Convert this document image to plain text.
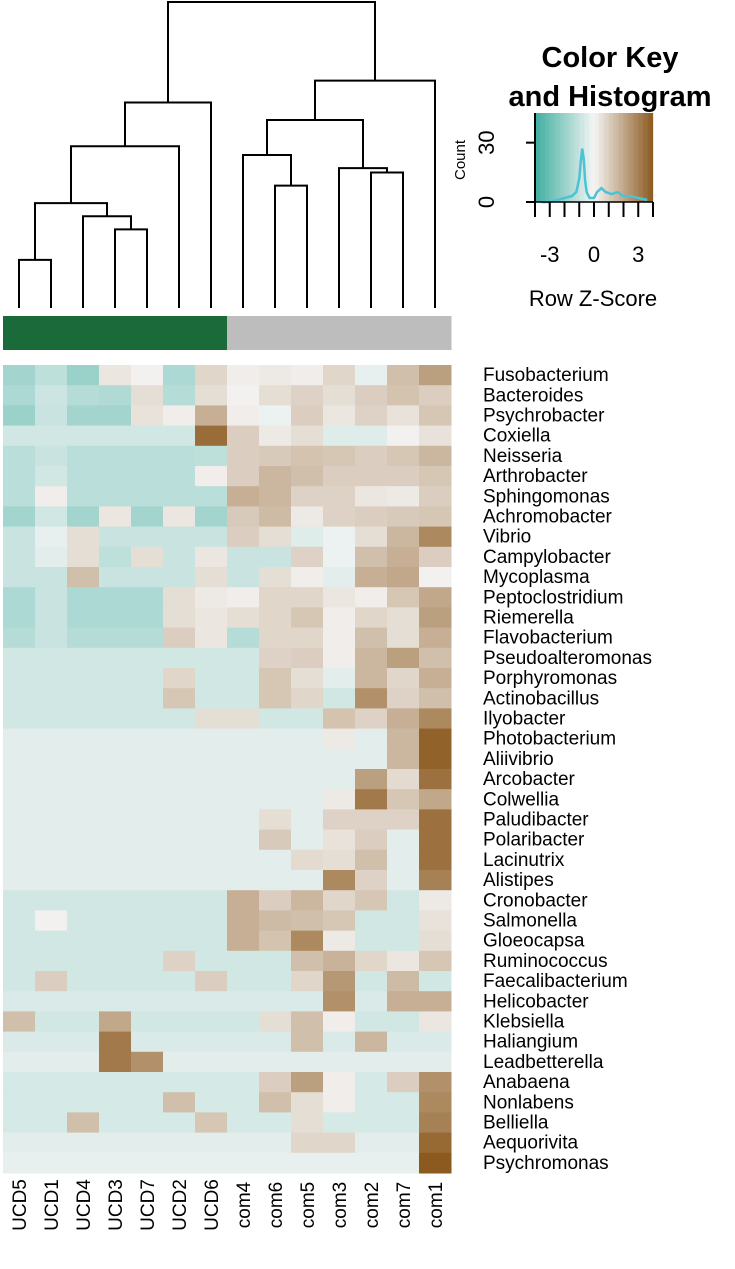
Fusobacterium
Bacteroides
Psychrobacter
Coxiella
Neisseria
Arthrobacter
Sphingomonas
Achromobacter
Vibrio
Campylobacter
Mycoplasma
Peptoclostridium
Riemerella
Flavobacterium
Pseudoalteromonas
Porphyromonas
Actinobacillus
Ilyobacter
Photobacterium
Aliivibrio
Arcobacter
Colwellia
Paludibacter
Polaribacter
Lacinutrix
Alistipes
Cronobacter
Salmonella
Gloeocapsa
Ruminococcus
Faecalibacterium
Helicobacter
Klebsiella
Haliangium
Leadbetterella
Anabaena
Nonlabens
Belliella
Aequorivita
Psychromonas
UCD5 UCD1 UCD4 UCD3 UCD7 UCD2 UCD6 com4 com6 com5 com3 com2 com7 com1
Color Key
and Histogram
-3 0 3
0
30
Count
Row Z-Score
